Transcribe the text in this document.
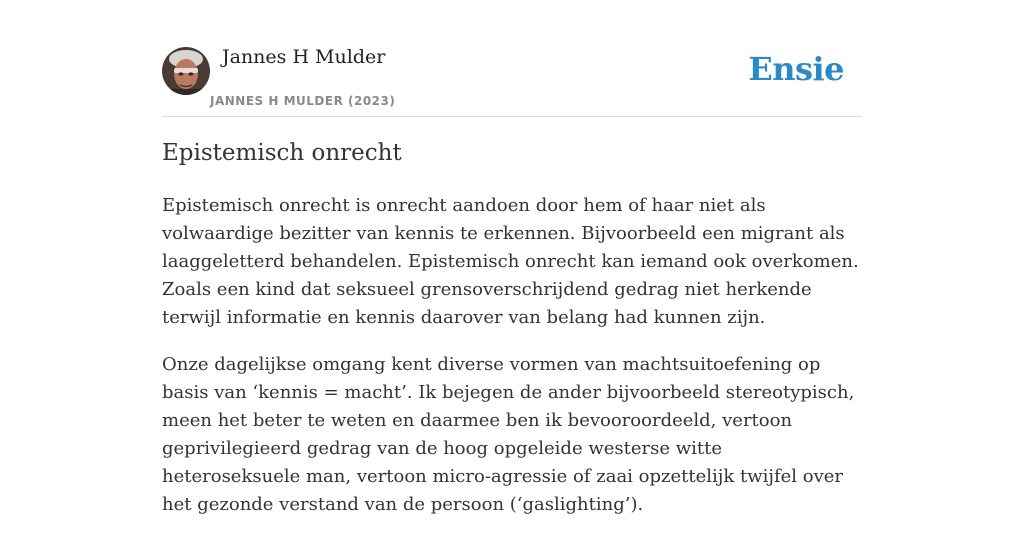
Jannes H Mulder
JANNES H MULDER (2023)
Ensie
Epistemisch onrecht

Epistemisch onrecht is onrecht aandoen door hem of haar niet als volwaardige bezitter van kennis te erkennen. Bijvoorbeeld een migrant als laaggeletterd behandelen. Epistemisch onrecht kan iemand ook overkomen. Zoals een kind dat seksueel grensoverschrijdend gedrag niet herkende terwijl informatie en kennis daarover van belang had kunnen zijn.

Onze dagelijkse omgang kent diverse vormen van machtsuitoefening op basis van ‘kennis = macht’. Ik bejegen de ander bijvoorbeeld stereotypisch, meen het beter te weten en daarmee ben ik bevooroordeeld, vertoon geprivilegieerd gedrag van de hoog opgeleide westerse witte heteroseksuele man, vertoon micro-agressie of zaai opzettelijk twijfel over het gezonde verstand van de persoon (‘gaslighting’).
